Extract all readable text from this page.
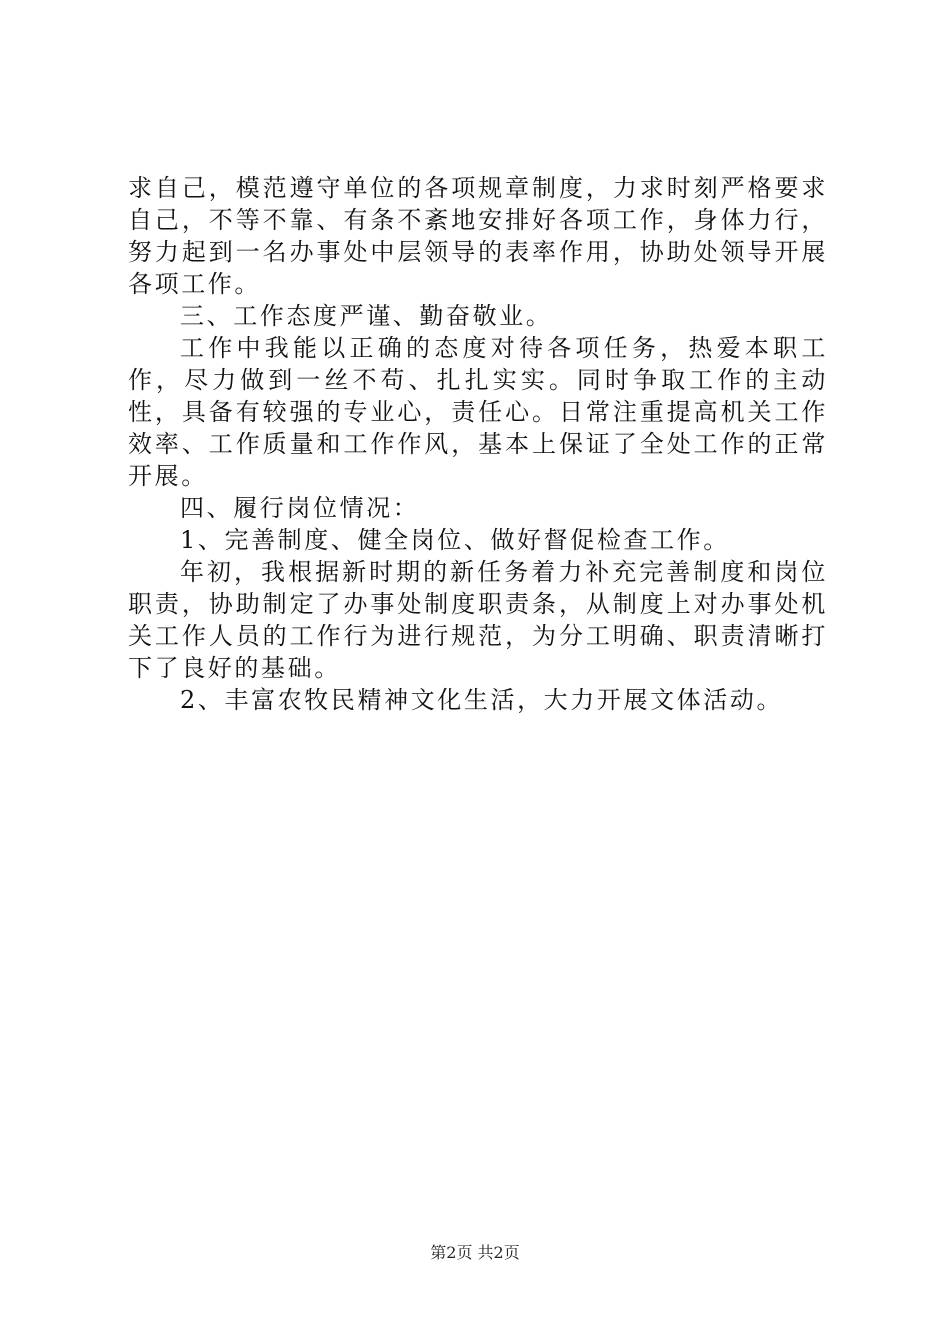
求自己，模范遵守单位的各项规章制度，力求时刻严格要求自己，不等不靠、有条不紊地安排好各项工作，身体力行，努力起到一名办事处中层领导的表率作用，协助处领导开展各项工作。

三、工作态度严谨、勤奋敬业。

工作中我能以正确的态度对待各项任务，热爱本职工作，尽力做到一丝不苟、扎扎实实。同时争取工作的主动性，具备有较强的专业心，责任心。日常注重提高机关工作效率、工作质量和工作作风，基本上保证了全处工作的正常开展。

四、履行岗位情况：

1、完善制度、健全岗位、做好督促检查工作。

年初，我根据新时期的新任务着力补充完善制度和岗位职责，协助制定了办事处制度职责条，从制度上对办事处机关工作人员的工作行为进行规范，为分工明确、职责清晰打下了良好的基础。

2、丰富农牧民精神文化生活，大力开展文体活动。

第2页 共2页
